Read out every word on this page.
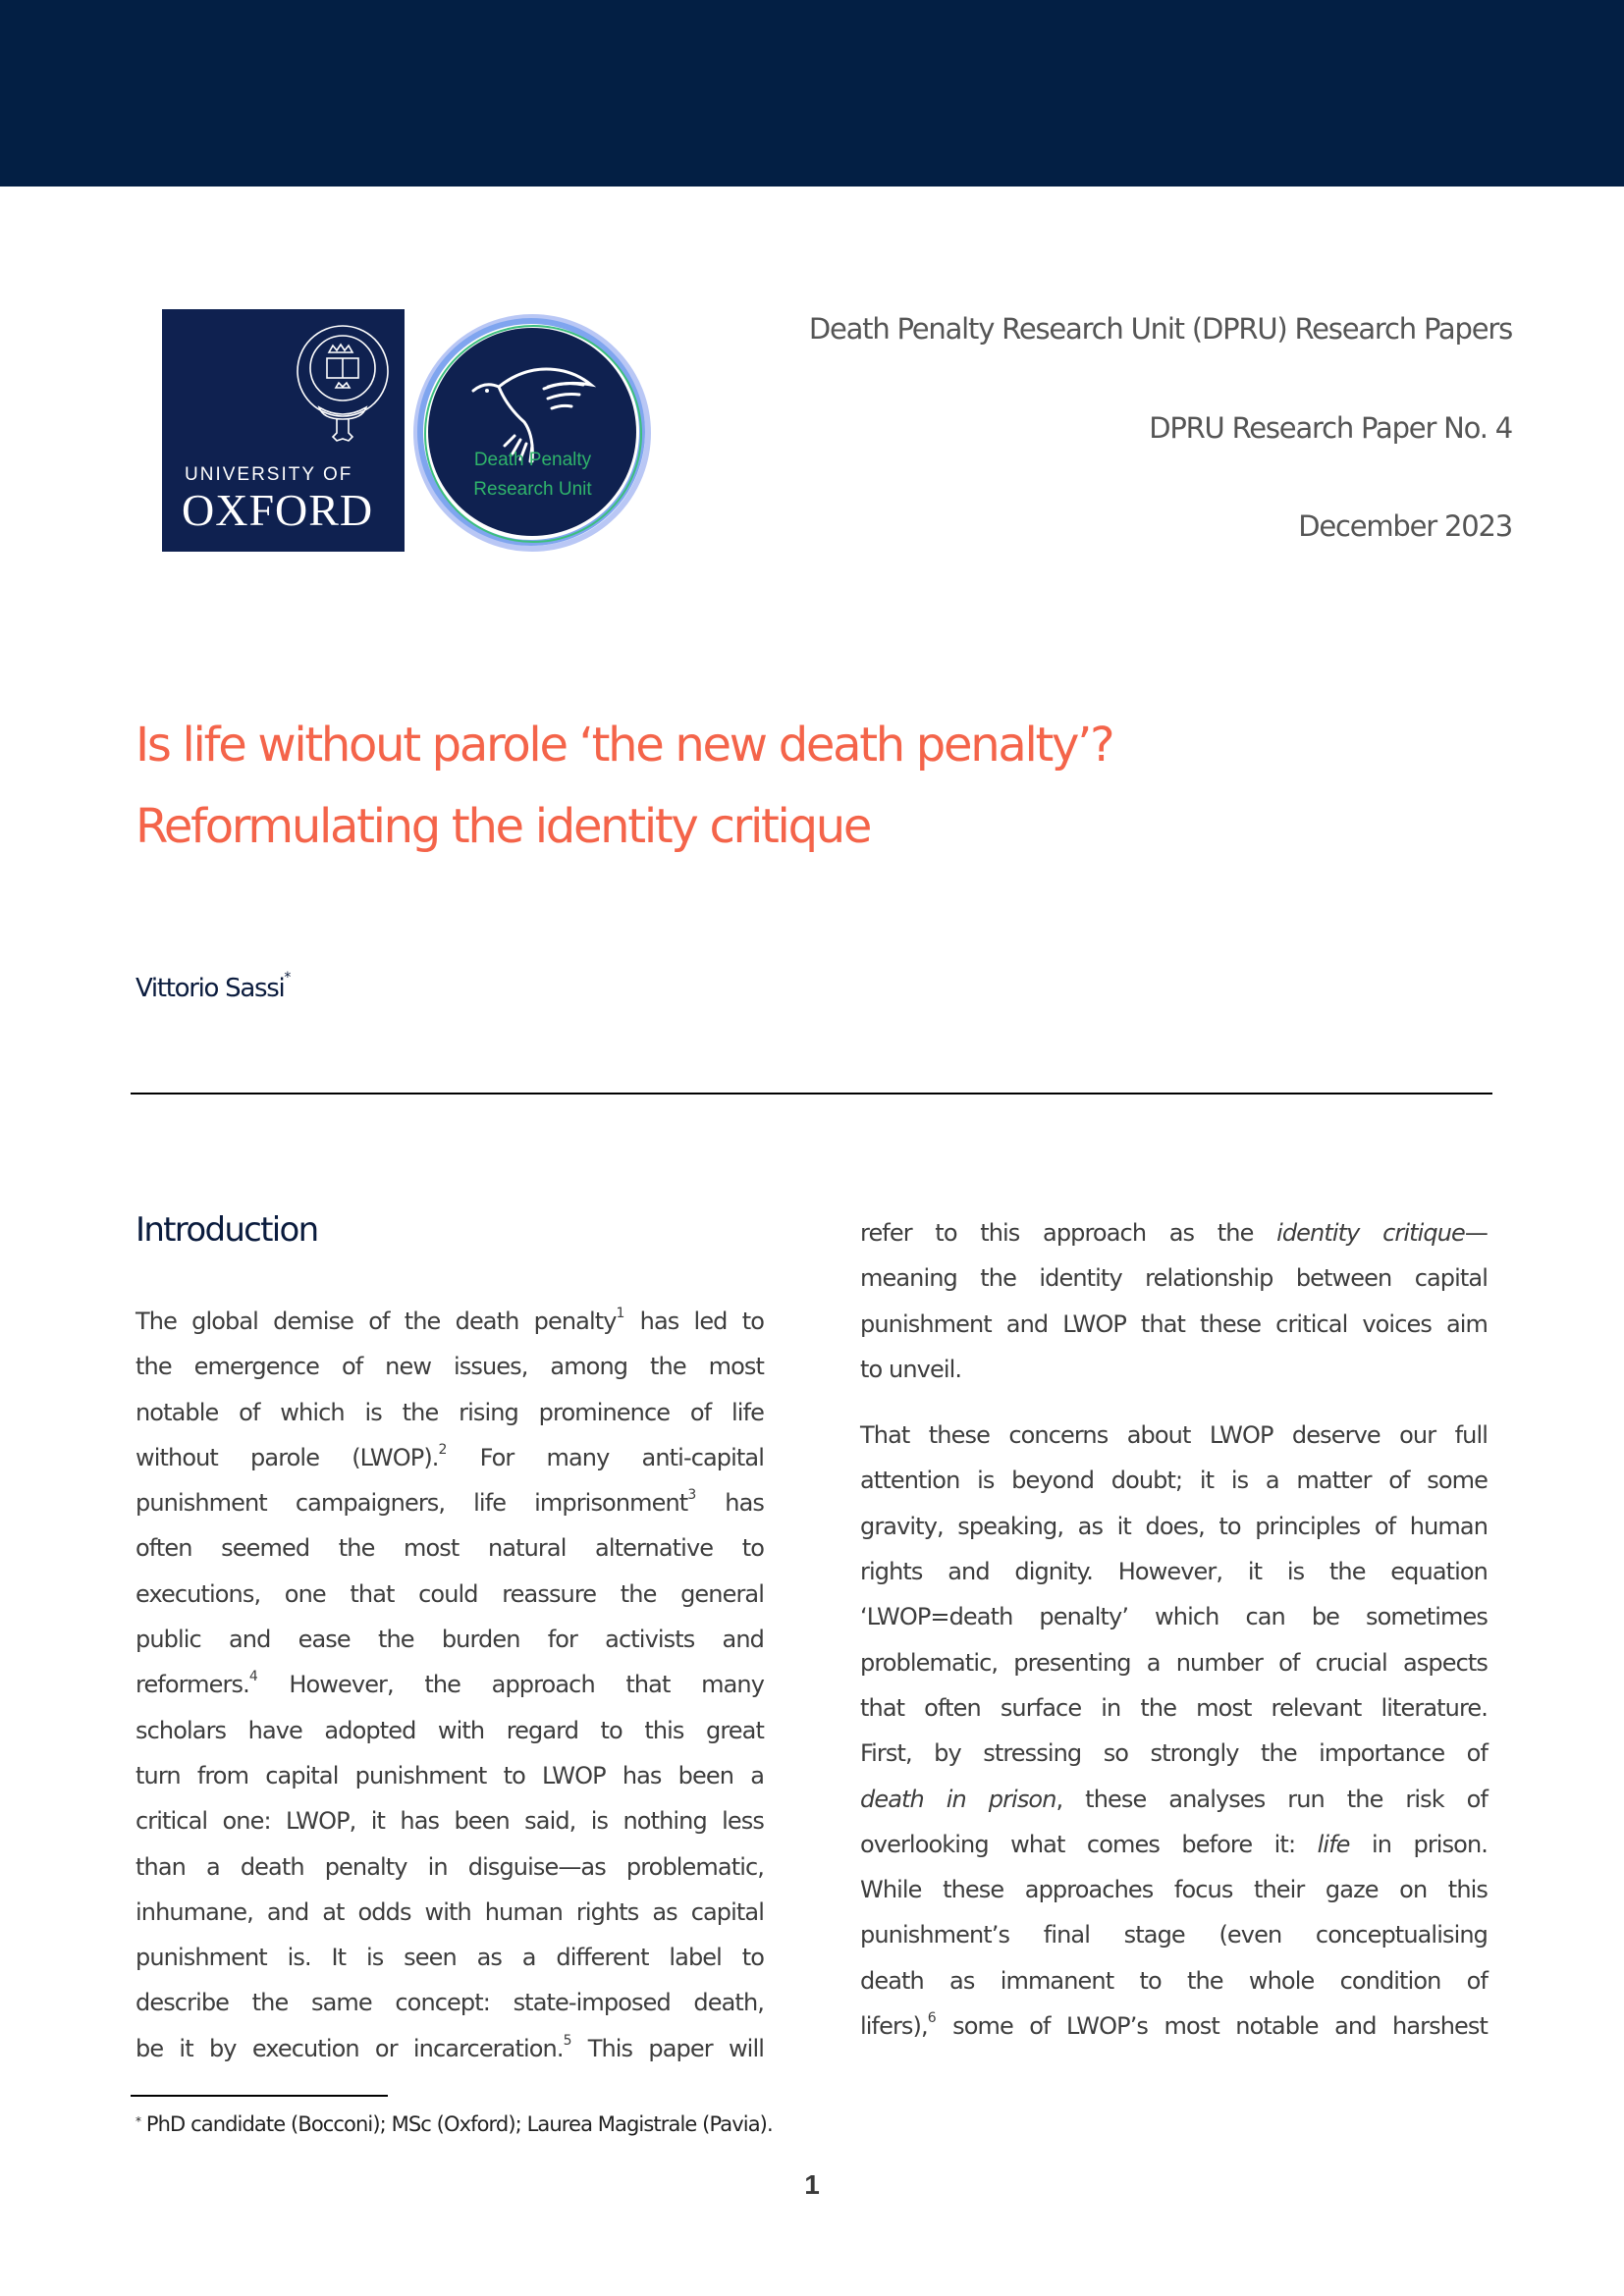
UNIVERSITY OF
OXFORD
Death Penalty
Research Unit
Death Penalty Research Unit (DPRU) Research Papers
DPRU Research Paper No. 4
December 2023
Is life without parole ‘the new death penalty’?
Reformulating the identity critique
Vittorio Sassi*
Introduction
The global demise of the death penalty$^1$ has led to
the emergence of new issues, among the most
notable of which is the rising prominence of life
without parole (LWOP).$^2$ For many anti-capital
punishment campaigners, life imprisonment$^3$ has
often seemed the most natural alternative to
executions, one that could reassure the general
public and ease the burden for activists and
reformers.$^4$ However, the approach that many
scholars have adopted with regard to this great
turn from capital punishment to LWOP has been a
critical one: LWOP, it has been said, is nothing less
than a death penalty in disguise—as problematic,
inhumane, and at odds with human rights as capital
punishment is. It is seen as a different label to
describe the same concept: state-imposed death,
be it by execution or incarceration.$^5$ This paper will
refer to this approach as the identity critique—
meaning the identity relationship between capital
punishment and LWOP that these critical voices aim
to unveil.
That these concerns about LWOP deserve our full
attention is beyond doubt; it is a matter of some
gravity, speaking, as it does, to principles of human
rights and dignity. However, it is the equation
‘LWOP=death penalty’ which can be sometimes
problematic, presenting a number of crucial aspects
that often surface in the most relevant literature.
First, by stressing so strongly the importance of
death in prison, these analyses run the risk of
overlooking what comes before it: life in prison.
While these approaches focus their gaze on this
punishment’s final stage (even conceptualising
death as immanent to the whole condition of
lifers),$^6$ some of LWOP’s most notable and harshest
* PhD candidate (Bocconi); MSc (Oxford); Laurea Magistrale (Pavia).
1
